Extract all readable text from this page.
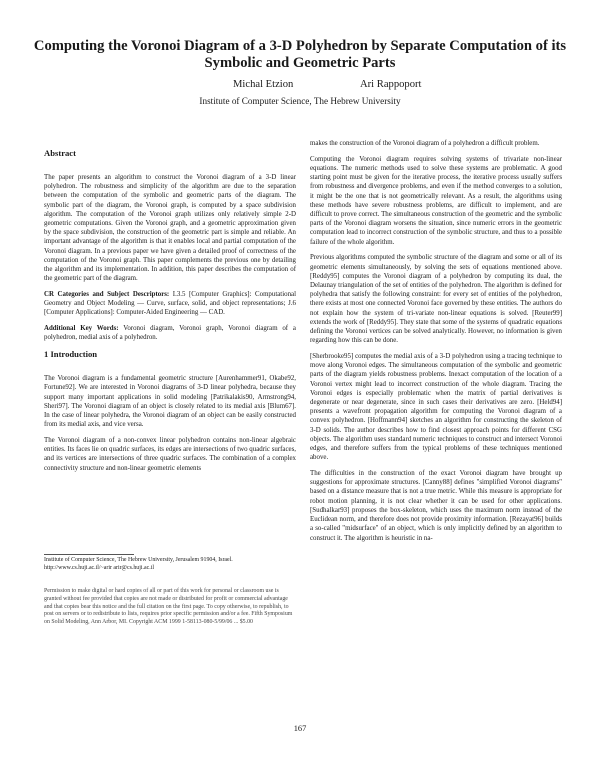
Computing the Voronoi Diagram of a 3-D Polyhedron by Separate Computation of its Symbolic and Geometric Parts
Michal Etzion	Ari Rappoport
Institute of Computer Science, The Hebrew University
Abstract

The paper presents an algorithm to construct the Voronoi diagram of a 3-D linear polyhedron. The robustness and simplicity of the algorithm are due to the separation between the computation of the symbolic and geometric parts of the diagram. The symbolic part of the diagram, the Voronoi graph, is computed by a space subdivision algorithm. The computation of the Voronoi graph utilizes only relatively simple 2-D geometric computations. Given the Voronoi graph, and a geometric approximation given by the space subdivision, the construction of the geometric part is simple and reliable. An important advantage of the algorithm is that it enables local and partial computation of the Voronoi diagram. In a previous paper we have given a detailed proof of correctness of the computation of the Voronoi graph. This paper complements the previous one by detailing the algorithm and its implementation. In addition, this paper describes the computation of the geometric part of the diagram.

CR Categories and Subject Descriptors: I.3.5 [Computer Graphics]: Computational Geometry and Object Modeling — Curve, surface, solid, and object representations; J.6 [Computer Applications]: Computer-Aided Engineering — CAD.

Additional Key Words: Voronoi diagram, Voronoi graph, Voronoi diagram of a polyhedron, medial axis of a polyhedron.

1 Introduction

The Voronoi diagram is a fundamental geometric structure [Aurenhammer91, Okabe92, Fortune92]. We are interested in Voronoi diagrams of 3-D linear polyhedra, because they support many important applications in solid modeling [Patrikalakis90, Armstrong94, Sheri97]. The Voronoi diagram of an object is closely related to its medial axis [Blum67]. In the case of linear polyhedra, the Voronoi diagram of an object can be easily constructed from its medial axis, and vice versa.

The Voronoi diagram of a non-convex linear polyhedron contains non-linear algebraic entities. Its faces lie on quadric surfaces, its edges are intersections of two quadric surfaces, and its vertices are intersections of three quadric surfaces. The combination of a complex connectivity structure and non-linear geometric elements

Institute of Computer Science, The Hebrew University, Jerusalem 91904, Israel. http://www.cs.huji.ac.il/~arir arir@cs.huji.ac.il
Permission to make digital or hard copies of all or part of this work for personal or classroom use is granted without fee provided that copies are not made or distributed for profit or commercial advantage and that copies bear this notice and the full citation on the first page. To copy otherwise, to republish, to post on servers or to redistribute to lists, requires prior specific permission and/or a fee. Fifth Symposium on Solid Modeling, Ann Arbor, MI. Copyright ACM 1999 1-58113-080-5/99/06 ... $5.00

makes the construction of the Voronoi diagram of a polyhedron a difficult problem.

Computing the Voronoi diagram requires solving systems of trivariate non-linear equations. The numeric methods used to solve these systems are problematic. A good starting point must be given for the iterative process, the iterative process usually suffers from robustness and divergence problems, and even if the method converges to a solution, it might be the one that is not geometrically relevant. As a result, the algorithms using these methods have severe robustness problems, are difficult to implement, and are difficult to prove correct. The simultaneous construction of the geometric and the symbolic parts of the Voronoi diagram worsens the situation, since numeric errors in the geometric computation lead to incorrect construction of the symbolic structure, and thus to a possible failure of the whole algorithm.

Previous algorithms computed the symbolic structure of the diagram and some or all of its geometric elements simultaneously, by solving the sets of equations mentioned above. [Reddy95] computes the Voronoi diagram of a polyhedron by computing its dual, the Delaunay triangulation of the set of entities of the polyhedron. The algorithm is defined for polyhedra that satisfy the following constraint: for every set of entities of the polyhedron, there exists at most one connected Voronoi face governed by these entities. The authors do not explain how the system of tri-variate non-linear equations is solved. [Reuter99] extends the work of [Reddy95]. They state that some of the systems of quadratic equations defining the Voronoi vertices can be solved analytically. However, no information is given regarding how this can be done.

[Sherbrooke95] computes the medial axis of a 3-D polyhedron using a tracing technique to move along Voronoi edges. The simultaneous computation of the symbolic and geometric parts of the diagram yields robustness problems. Inexact computation of the location of a Voronoi vertex might lead to incorrect construction of the whole diagram. Tracing the Voronoi edges is especially problematic when the matrix of partial derivatives is degenerate or near degenerate, since in such cases their derivatives are zero. [Held94] presents a wavefront propagation algorithm for computing the Voronoi diagram of a convex polyhedron. [Hoffmann94] sketches an algorithm for constructing the skeleton of 3-D solids. The author describes how to find closest approach points for different CSG objects. The algorithm uses standard numeric techniques to construct and intersect Voronoi edges, and therefore suffers from the typical problems of these techniques mentioned above.

The difficulties in the construction of the exact Voronoi diagram have brought up suggestions for approximate structures. [Canny88] defines "simplified Voronoi diagrams" based on a distance measure that is not a true metric. While this measure is appropriate for robot motion planning, it is not clear whether it can be used for other applications. [Sudhalkar93] proposes the box-skeleton, which uses the maximum norm instead of the Euclidean norm, and therefore does not provide proximity information. [Rezayat96] builds a so-called "midsurface" of an object, which is only implicitly defined by an algorithm to construct it. The algorithm is heuristic in na-

167
